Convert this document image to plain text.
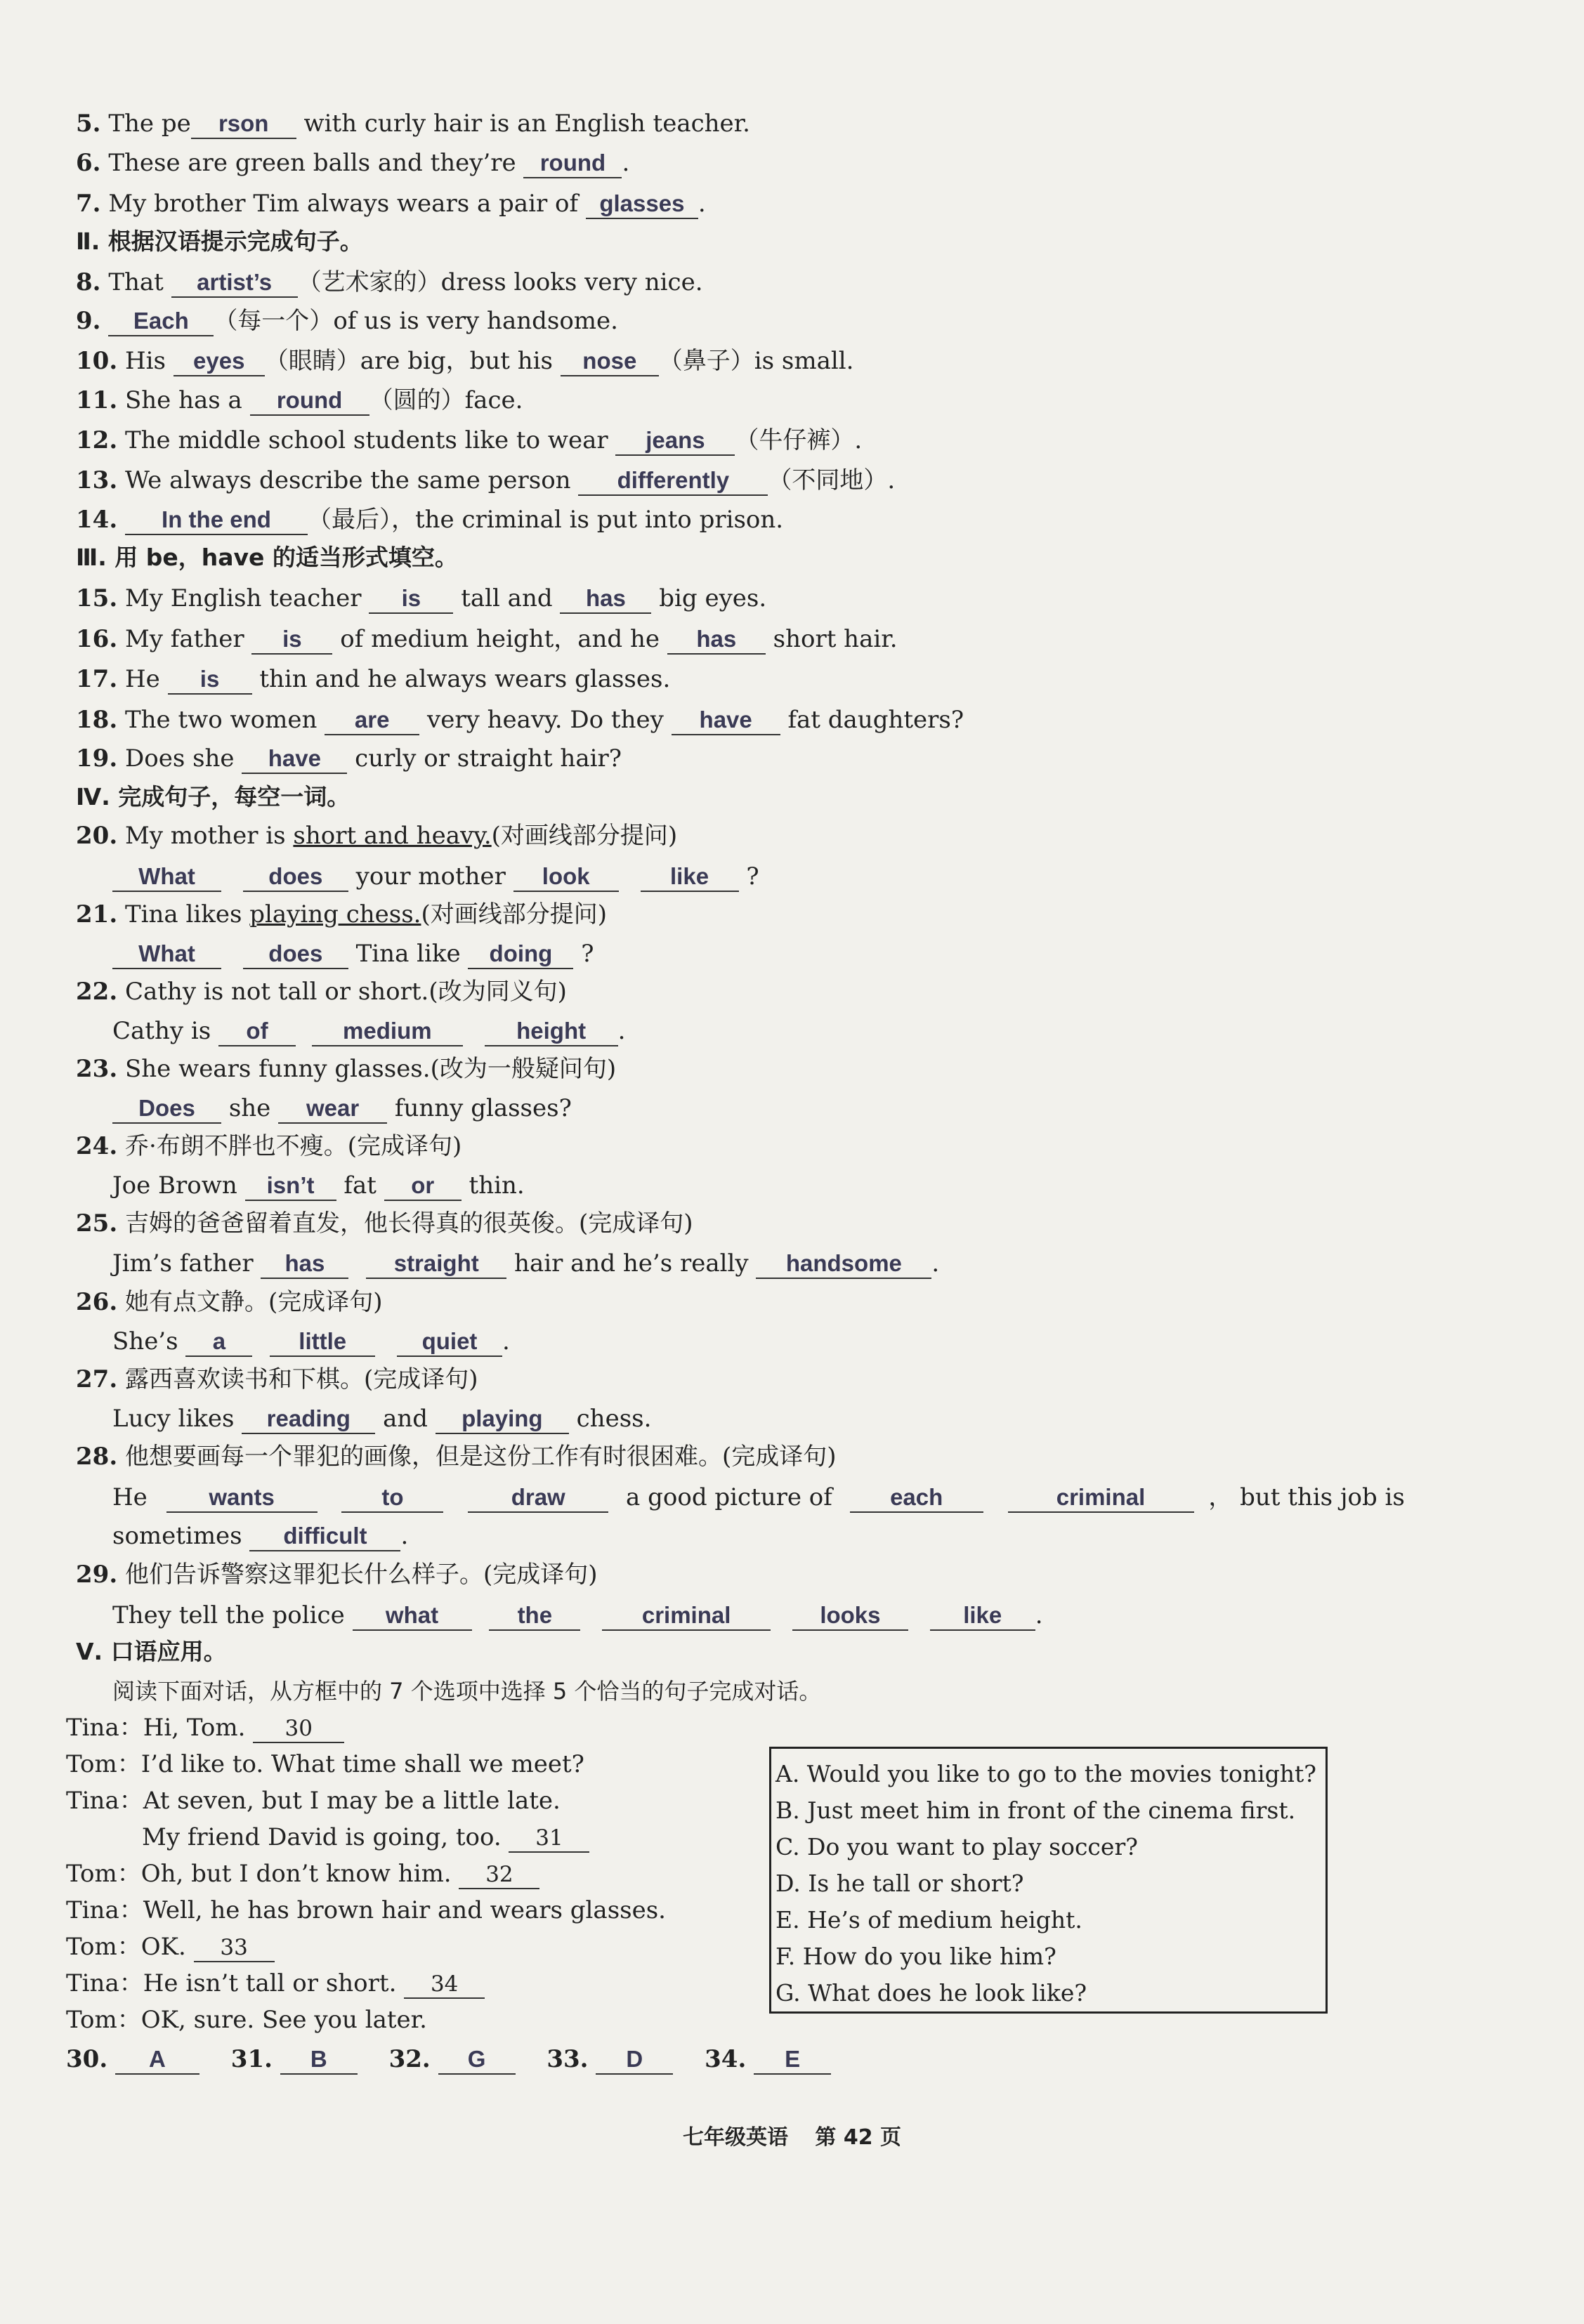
5. The pe rson with curly hair is an English teacher.
6. These are green balls and they’re round .
7. My brother Tim always wears a pair of glasses .
Ⅱ. 根据汉语提示完成句子。
8. That artist’s （艺术家的）dress looks very nice.
9. Each （每一个）of us is very handsome.
10. His eyes （眼睛）are big，but his nose （鼻子）is small.
11. She has a round （圆的）face.
12. The middle school students like to wear jeans （牛仔裤）.
13. We always describe the same person differently （不同地）.
14. In the end （最后），the criminal is put into prison.
Ⅲ. 用 be，have 的适当形式填空。
15. My English teacher is tall and has big eyes.
16. My father is of medium height，and he has short hair.
17. He is thin and he always wears glasses.
18. The two women are very heavy. Do they have fat daughters?
19. Does she have curly or straight hair?
Ⅳ. 完成句子，每空一词。
20. My mother is short and heavy.(对画线部分提问)
What	does your mother look	like ?
21. Tina likes playing chess.(对画线部分提问)
What	does Tina like doing ?
22. Cathy is not tall or short.(改为同义句)
Cathy is of	medium	height .
23. She wears funny glasses.(改为一般疑问句)
Does she wear funny glasses?
24. 乔·布朗不胖也不瘦。(完成译句)
Joe Brown isn’t fat or thin.
25. 吉姆的爸爸留着直发，他长得真的很英俊。(完成译句)
Jim’s father has	straight hair and he’s really handsome .
26. 她有点文静。(完成译句)
She’s a	little	quiet .
27. 露西喜欢读书和下棋。(完成译句)
Lucy likes reading and playing chess.
28. 他想要画每一个罪犯的画像，但是这份工作有时很困难。(完成译句)
He	wants	to	draw	a good picture of each	criminal	， but this job is
sometimes difficult .
29. 他们告诉警察这罪犯长什么样子。(完成译句)
They tell the police what	the	criminal	looks	like .
Ⅴ. 口语应用。
阅读下面对话，从方框中的 7 个选项中选择 5 个恰当的句子完成对话。
Tina：Hi, Tom. 30
Tom：I’d like to. What time shall we meet?
Tina：At seven, but I may be a little late.
My friend David is going, too. 31
Tom：Oh, but I don’t know him. 32
Tina：Well, he has brown hair and wears glasses.
Tom：OK. 33
Tina：He isn’t tall or short. 34
Tom：OK, sure. See you later.
A. Would you like to go to the movies tonight?
B. Just meet him in front of the cinema first.
C. Do you want to play soccer?
D. Is he tall or short?
E. He’s of medium height.
F. How do you like him?
G. What does he look like?
30. A	31. B	32. G	33. D	34. E
七年级英语 第 42 页
